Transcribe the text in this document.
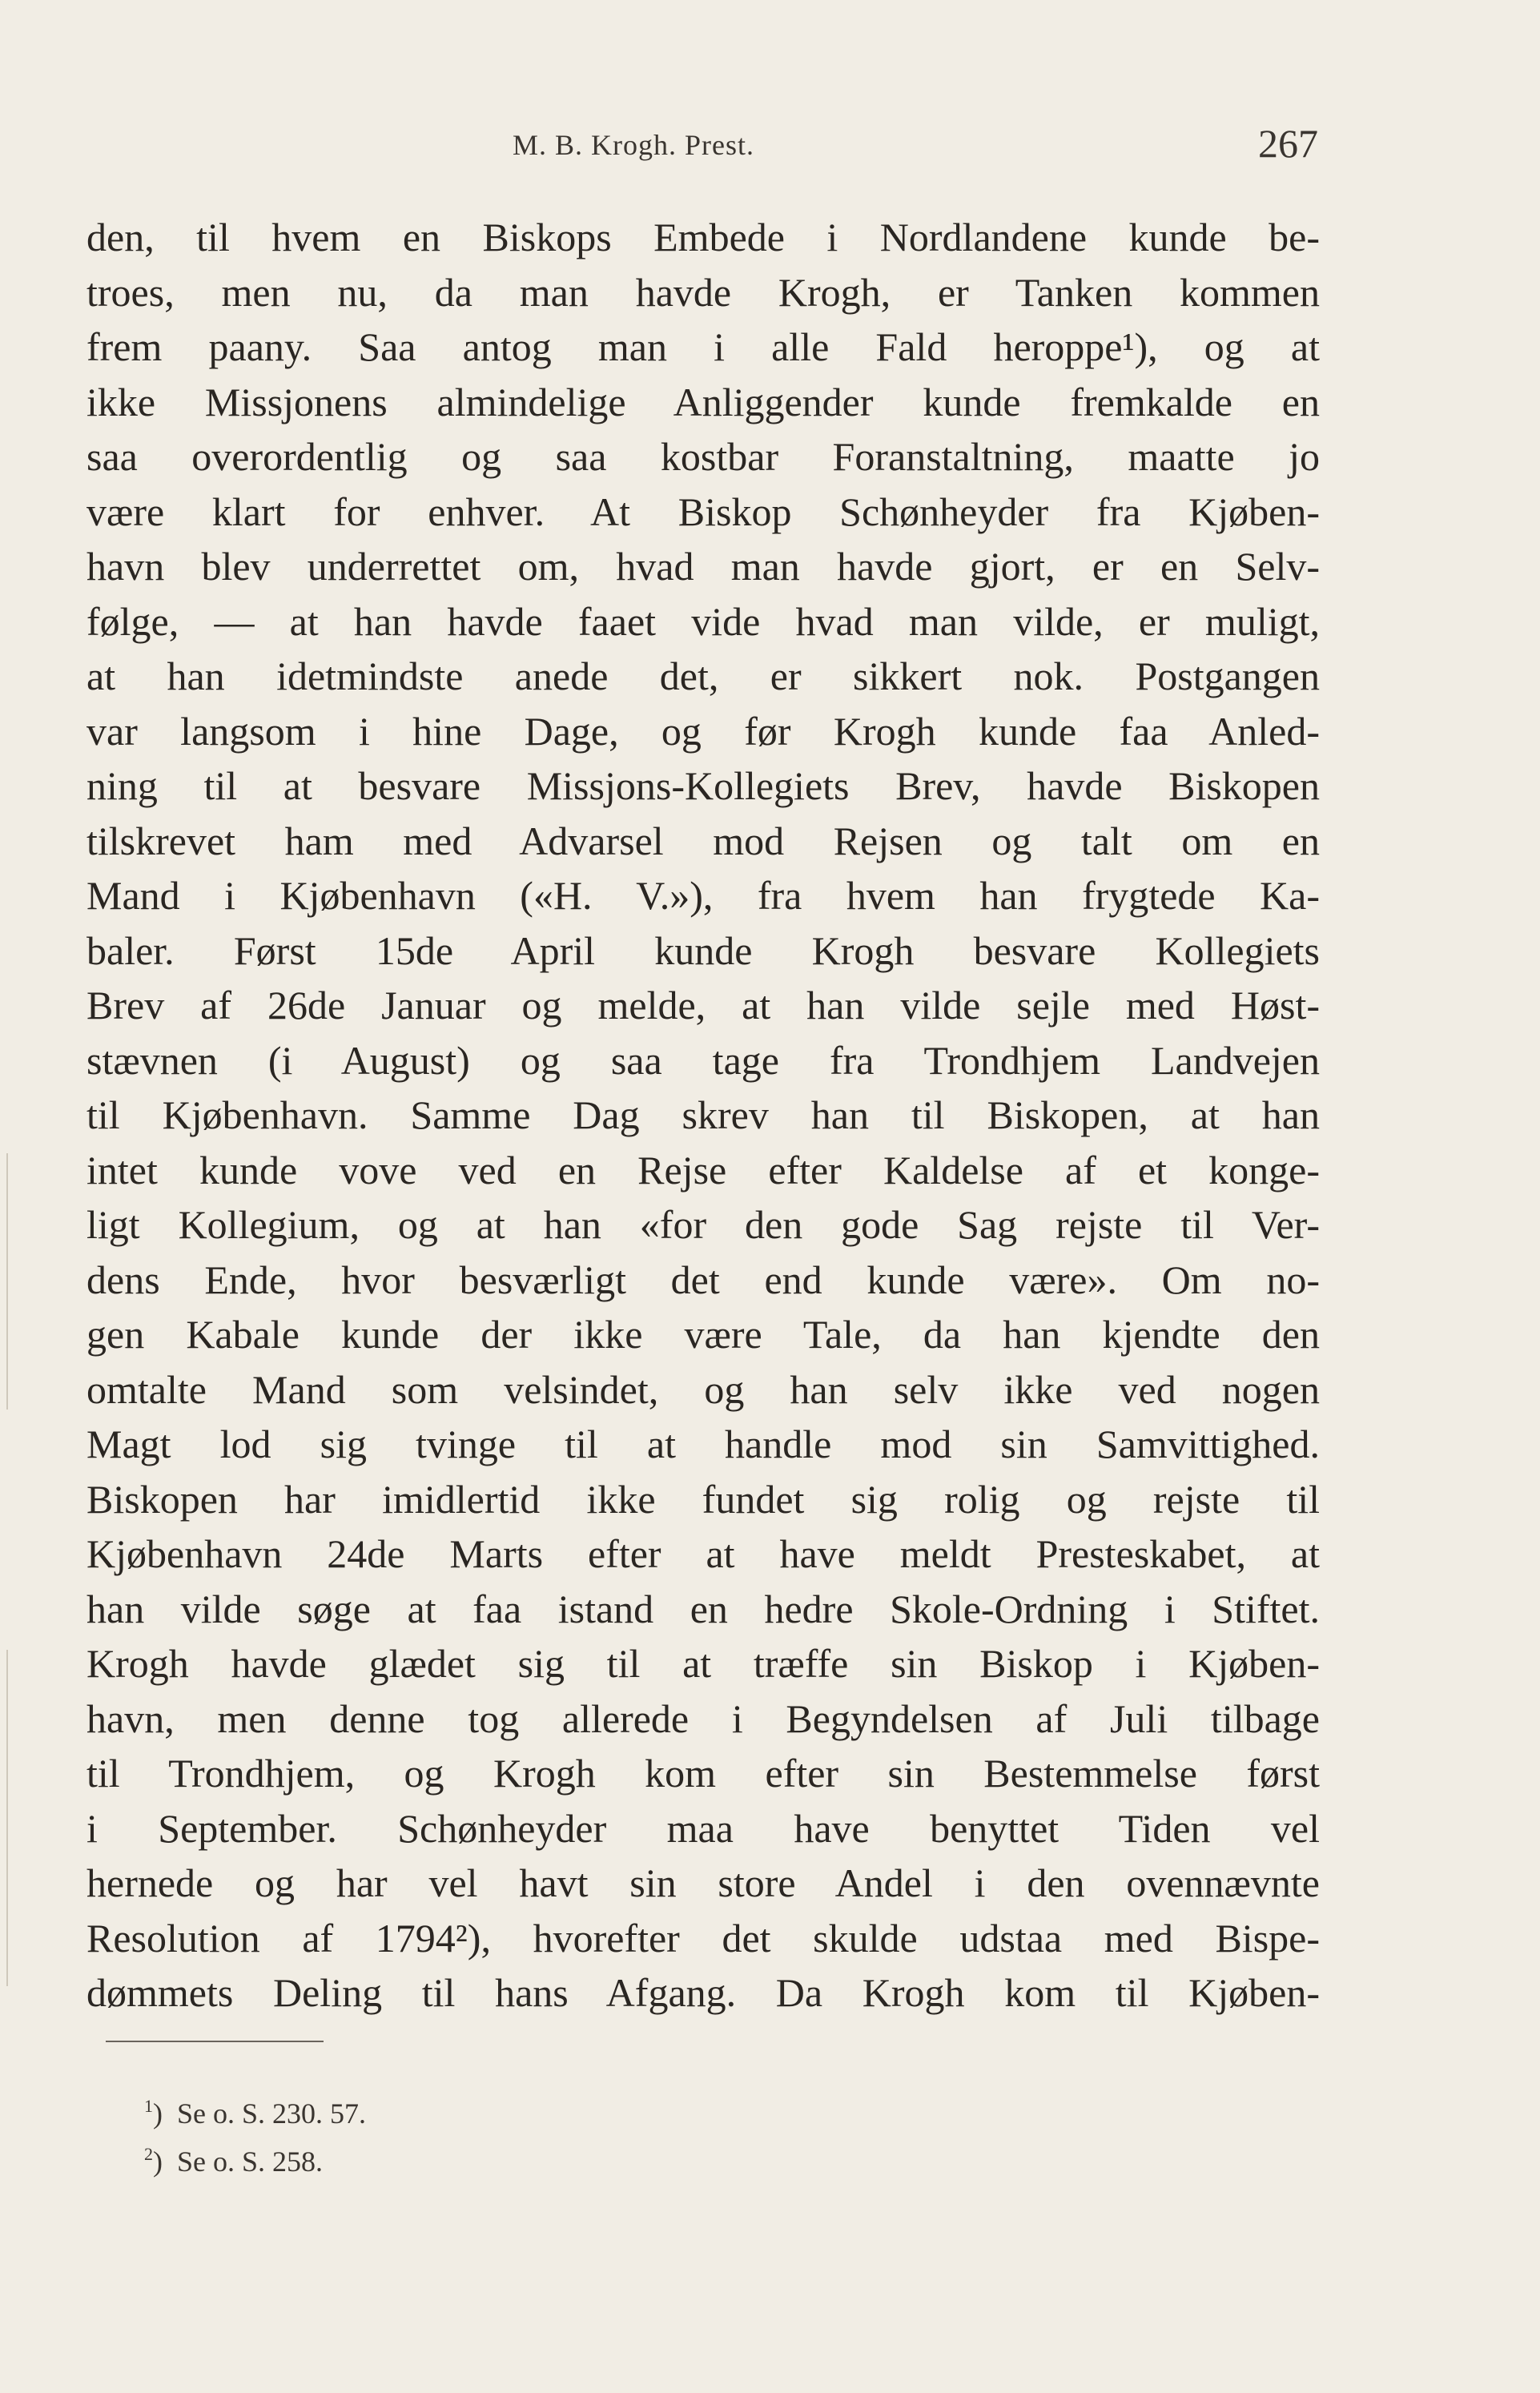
M. B. Krogh. Prest.	267
den, til hvem en Biskops Embede i Nordlandene kunde be-
troes, men nu, da man havde Krogh, er Tanken kommen
frem paany. Saa antog man i alle Fald heroppe¹), og at
ikke Missjonens almindelige Anliggender kunde fremkalde en
saa overordentlig og saa kostbar Foranstaltning, maatte jo
være klart for enhver. At Biskop Schønheyder fra Kjøben-
havn blev underrettet om, hvad man havde gjort, er en Selv-
følge, — at han havde faaet vide hvad man vilde, er muligt,
at han idetmindste anede det, er sikkert nok. Postgangen
var langsom i hine Dage, og før Krogh kunde faa Anled-
ning til at besvare Missjons-Kollegiets Brev, havde Biskopen
tilskrevet ham med Advarsel mod Rejsen og talt om en
Mand i Kjøbenhavn («H. V.»), fra hvem han frygtede Ka-
baler. Først 15de April kunde Krogh besvare Kollegiets
Brev af 26de Januar og melde, at han vilde sejle med Høst-
stævnen (i August) og saa tage fra Trondhjem Landvejen
til Kjøbenhavn. Samme Dag skrev han til Biskopen, at han
intet kunde vove ved en Rejse efter Kaldelse af et konge-
ligt Kollegium, og at han «for den gode Sag rejste til Ver-
dens Ende, hvor besværligt det end kunde være». Om no-
gen Kabale kunde der ikke være Tale, da han kjendte den
omtalte Mand som velsindet, og han selv ikke ved nogen
Magt lod sig tvinge til at handle mod sin Samvittighed.
Biskopen har imidlertid ikke fundet sig rolig og rejste til
Kjøbenhavn 24de Marts efter at have meldt Presteskabet, at
han vilde søge at faa istand en hedre Skole-Ordning i Stiftet.
Krogh havde glædet sig til at træffe sin Biskop i Kjøben-
havn, men denne tog allerede i Begyndelsen af Juli tilbage
til Trondhjem, og Krogh kom efter sin Bestemmelse først
i September. Schønheyder maa have benyttet Tiden vel
hernede og har vel havt sin store Andel i den ovennævnte
Resolution af 1794²), hvorefter det skulde udstaa med Bispe-
dømmets Deling til hans Afgang. Da Krogh kom til Kjøben-
$^1$)  Se o. S. 230. 57.
$^2$)  Se o. S. 258.
